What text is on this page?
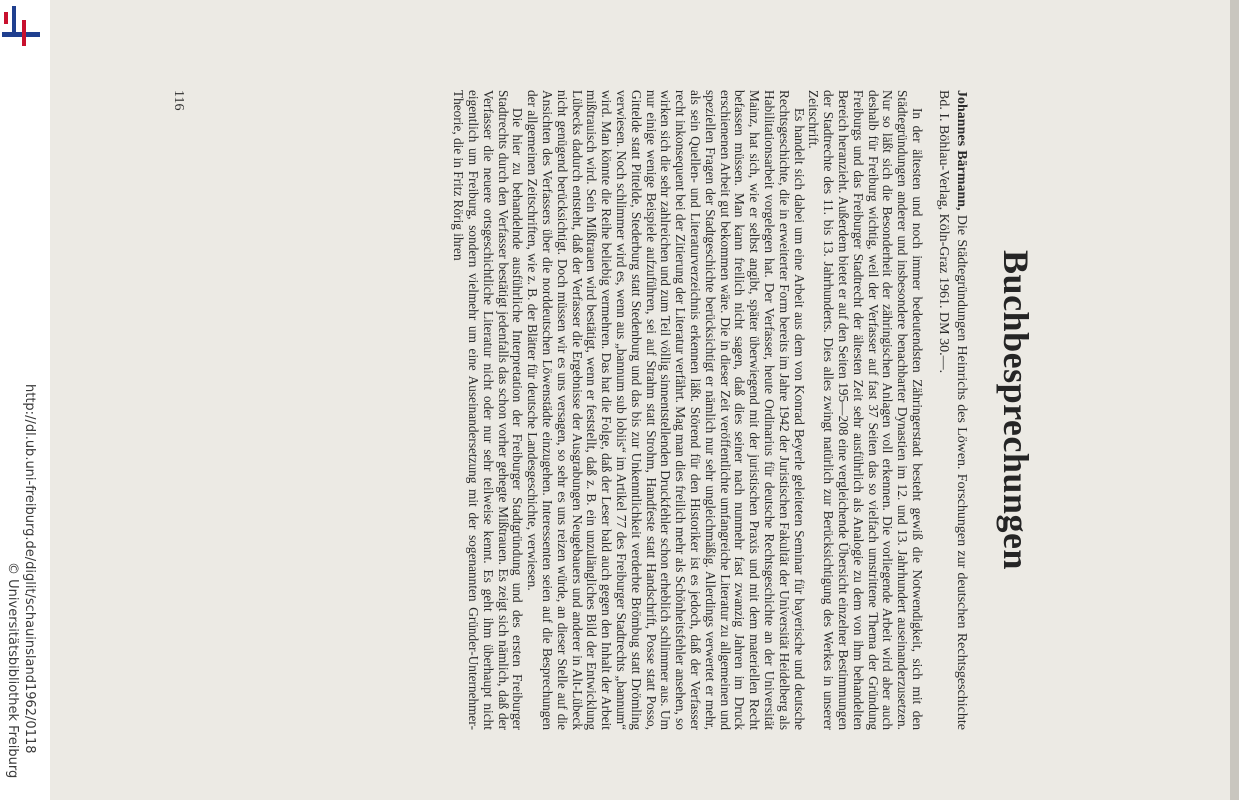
http://dl.ub.uni-freiburg.de/diglit/schauinsland1962/0118
© Universitätsbibliothek Freiburg
Buchbesprechungen
Johannes Bärmann, Die Städtegründungen Heinrichs des Löwen. Forschungen zur deutschen Rechtsgeschichte Bd. I. Böhlau-Verlag, Köln-Graz 1961. DM 30.—.

In der ältesten und noch immer bedeutendsten Zähringerstadt besteht gewiß die Notwendigkeit, sich mit den Städtegründungen anderer und insbesondere benachbarter Dynastien im 12. und 13. Jahrhundert auseinanderzusetzen. Nur so läßt sich die Besonderheit der zähringischen Anlagen voll erkennen. Die vorliegende Arbeit wird aber auch deshalb für Freiburg wichtig, weil der Verfasser auf fast 37 Seiten das so vielfach umstrittene Thema der Gründung Freiburgs und das Freiburger Stadtrecht der ältesten Zeit sehr ausführlich als Analogie zu dem von ihm behandelten Bereich heranzieht. Außerdem bietet er auf den Seiten 195—208 eine vergleichende Übersicht einzelner Bestimmungen der Stadtrechte des 11. bis 13. Jahrhunderts. Dies alles zwingt natürlich zur Berücksichtigung des Werkes in unserer Zeitschrift.

Es handelt sich dabei um eine Arbeit aus dem von Konrad Beyerle geleiteten Seminar für bayerische und deutsche Rechtsgeschichte, die in erweiterter Form bereits im Jahre 1942 der Juristischen Fakultät der Universität Heidelberg als Habilitationsarbeit vorgelegen hat. Der Verfasser, heute Ordinarius für deutsche Rechtsgeschichte an der Universität Mainz, hat sich, wie er selbst angibt, später überwiegend mit der juristischen Praxis und mit dem materiellen Recht befassen müssen. Man kann freilich nicht sagen, daß dies seiner nach nunmehr fast zwanzig Jahren im Druck erschienenen Arbeit gut bekommen wäre. Die in dieser Zeit veröffentlichte umfangreiche Literatur zu allgemeinen und speziellen Fragen der Stadtgeschichte berücksichtigt er nämlich nur sehr ungleichmäßig. Allerdings verwertet er mehr, als sein Quellen- und Literaturverzeichnis erkennen läßt. Störend für den Historiker ist es jedoch, daß der Verfasser recht inkonsequent bei der Zitierung der Literatur verfährt. Mag man dies freilich mehr als Schönheitsfehler ansehen, so wirken sich die sehr zahlreichen und zum Teil völlig sinnentstellenden Druckfehler schon erheblich schlimmer aus. Um nur einige wenige Beispiele aufzuführen, sei auf Strahm statt Strohm, Handfeste statt Handschrift, Posse statt Posso, Gittelde statt Pittelde, Stederburg statt Stedenburg und das bis zur Unkenntlichkeit verderbte Brömbug statt Drömling verwiesen. Noch schlimmer wird es, wenn aus „bannum sub lobiis“ im Artikel 77 des Freiburger Stadtrechts „bannum“ wird. Man könnte die Reihe beliebig vermehren. Das hat die Folge, daß der Leser bald auch gegen den Inhalt der Arbeit mißtrauisch wird. Sein Mißtrauen wird bestätigt, wenn er feststellt, daß z. B. ein unzulängliches Bild der Entwicklung Lübecks dadurch entsteht, daß der Verfasser die Ergebnisse der Ausgrabungen Neugebauers und anderer in Alt-Lübeck nicht genügend berücksichtigt. Doch müssen wir es uns versagen, so sehr es uns reizen würde, an dieser Stelle auf die Ansichten des Verfassers über die norddeutschen Löwenstädte einzugehen. Interessenten seien auf die Besprechungen der allgemeinen Zeitschriften, wie z. B. der Blätter für deutsche Landesgeschichte, verwiesen.

Die hier zu behandelnde ausführliche Interpretation der Freiburger Stadtgründung und des ersten Freiburger Stadtrechts durch den Verfasser bestätigt jedenfalls das schon vorher gehegte Mißtrauen. Es zeigt sich nämlich, daß der Verfasser die neuere ortsgeschichtliche Literatur nicht oder nur sehr teilweise kennt. Es geht ihm überhaupt nicht eigentlich um Freiburg, sondern vielmehr um eine Auseinandersetzung mit der sogenannten Gründer-Unternehmer-Theorie, die in Fritz Rörig ihren

116
